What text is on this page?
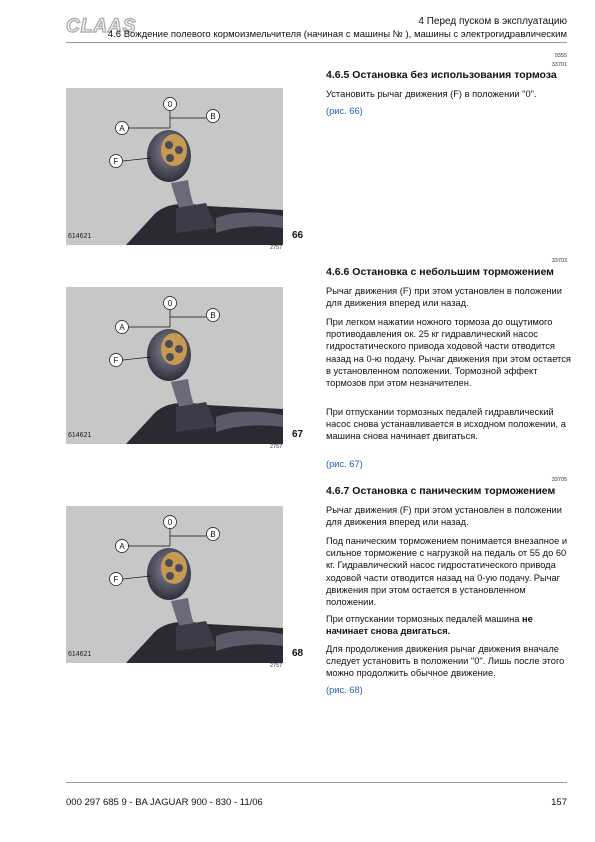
CLAAS	4 Перед пуском в эксплуатацию
4.6 Вождение полевого кормоизмельчителя (начиная с машины № ), машины с электрогидравлическим
0
A
B
F
614621	66
2757
0
A
B
F
614621	67
2757
0
A
B
F
614621	68
2757
9355
33701
4.6.5 Остановка без использования тормоза
Установить рычаг движения (F) в положении "0".
(рис. 66)
33703
4.6.6 Остановка с небольшим торможением
Рычаг движения (F) при этом установлен в положении для движения вперед или назад.
При легком нажатии ножного тормоза до ощутимого противодавления ок. 25 кг гидравлический насос гидростатического привода ходовой части отводится назад на 0-ю подачу. Рычаг движения при этом остается в установленном положении. Тормозной эффект тормозов при этом незначителен.
При отпускании тормозных педалей гидравлический насос снова устанавливается в исходном положении, а машина снова начинает двигаться.
(рис. 67)
33705
4.6.7 Остановка с паническим торможением
Рычаг движения (F) при этом установлен в положении для движения вперед или назад.
Под паническим торможением понимается внезапное и сильное торможение с нагрузкой на педаль от 55 до 60 кг. Гидравлический насос гидростатического привода ходовой части отводится назад на 0-ую подачу. Рычаг движения при этом остается в установленном положении.
При отпускании тормозных педалей машина не начинает снова двигаться.
Для продолжения движения рычаг движения вначале следует установить в положении "0". Лишь после этого можно продолжить обычное движение.
(рис. 68)
000 297 685 9 - BA JAGUAR 900 - 830 - 11/06	157
